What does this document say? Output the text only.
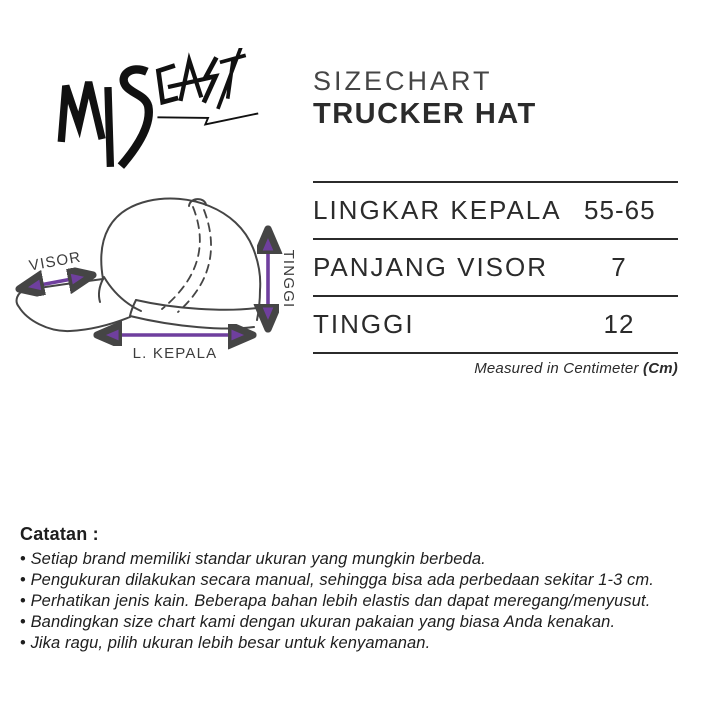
SIZECHART
TRUCKER HAT
VISOR
L. KEPALA
TINGGI
LINGKAR KEPALA 55-65
PANJANG VISOR	7
TINGGI	12
Measured in Centimeter (Cm)
Catatan :
• Setiap brand memiliki standar ukuran yang mungkin berbeda.
• Pengukuran dilakukan secara manual, sehingga bisa ada perbedaan sekitar 1-3 cm.
• Perhatikan jenis kain. Beberapa bahan lebih elastis dan dapat meregang/menyusut.
• Bandingkan size chart kami dengan ukuran pakaian yang biasa Anda kenakan.
• Jika ragu, pilih ukuran lebih besar untuk kenyamanan.
